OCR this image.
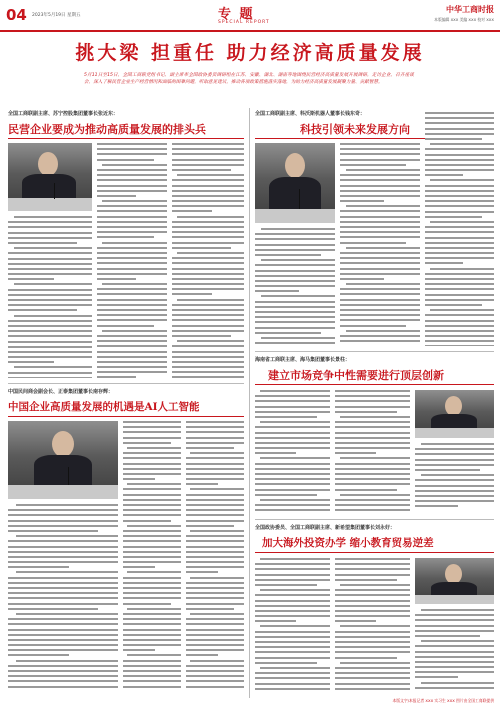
04 2023年5月19日 星期五	专 题
SPECIAL REPORT
中华工商时报
本版编辑 XXX 美编 XXX 校对 XXX
挑大梁 担重任 助力经济高质量发展
5月11日至15日，全国工商联党组书记、副主席率全国政协委员调研组在江苏、安徽、湖北、湖南等地围绕民营经济高质量发展开展调研，走访企业，召开座谈会，深入了解民营企业生产经营情况和面临的困难问题，听取意见建议，推动各项政策措施落实落地，为助力经济高质量发展凝聚力量、贡献智慧。
全国工商联副主席、苏宁控股集团董事长张近东：
民营企业要成为推动高质量发展的排头兵
全国工商联副主席、科沃斯机器人董事长钱东奇：
科技引领未来发展方向
海南省工商联主席、海马集团董事长景柱：
建立市场竞争中性需要进行顶层创新
中国民间商会副会长、正泰集团董事长南存辉：
中国企业高质量发展的机遇是AI人工智能
全国政协委员、全国工商联副主席、新希望集团董事长刘永好：
加大海外投资办学 缩小教育贸易逆差
本版文字/本报记者 XXX 实习生 XXX 图片由全国工商联提供
